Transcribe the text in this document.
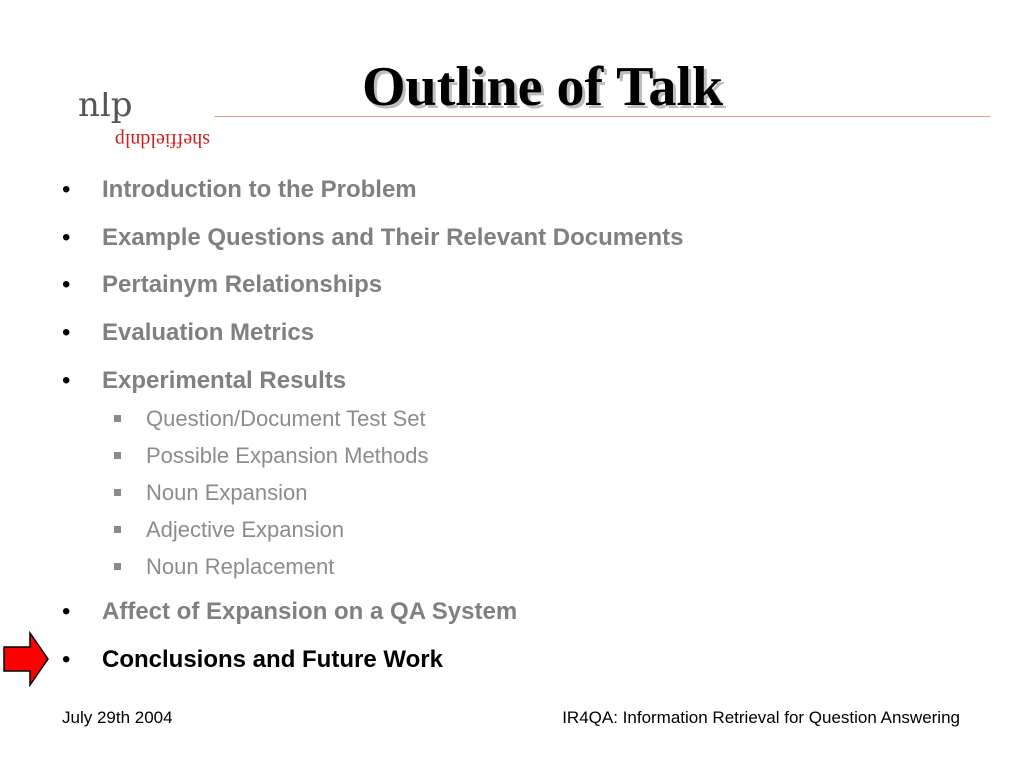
nlp
sheffieldnlp
Outline of Talk
• Introduction to the Problem
• Example Questions and Their Relevant Documents
• Pertainym Relationships
• Evaluation Metrics
• Experimental Results
Question/Document Test Set
Possible Expansion Methods
Noun Expansion
Adjective Expansion
Noun Replacement
• Affect of Expansion on a QA System
• Conclusions and Future Work
July 29th 2004	IR4QA: Information Retrieval for Question Answering
